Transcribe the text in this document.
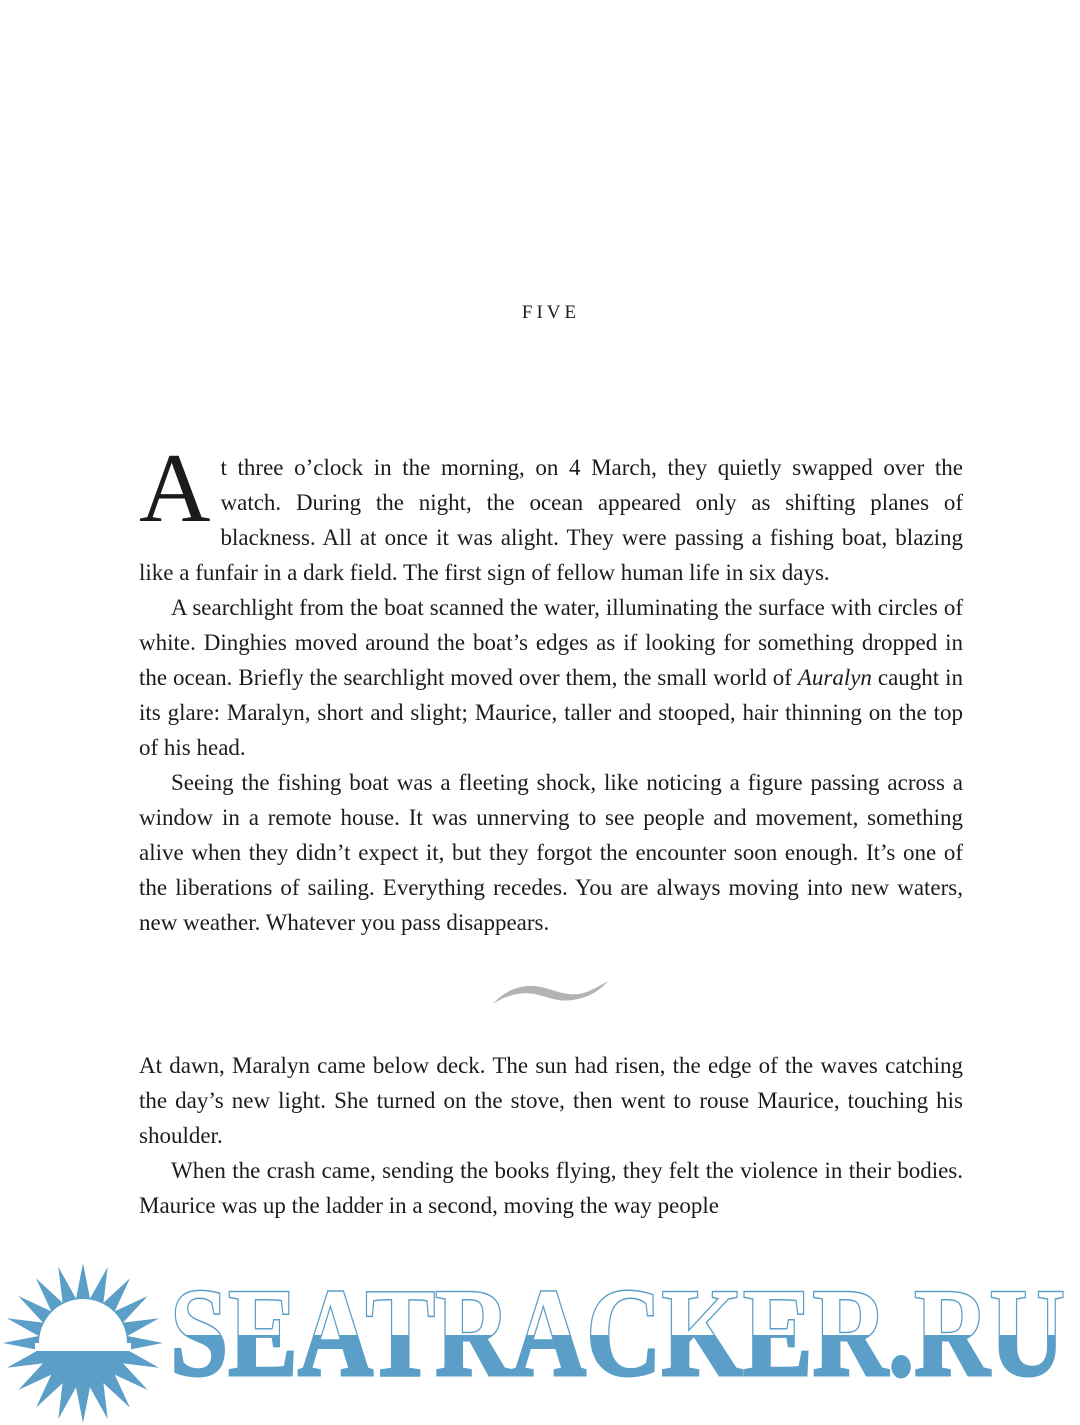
FIVE

At three o’clock in the morning, on 4 March, they quietly swapped over the watch. During the night, the ocean appeared only as shifting planes of blackness. All at once it was alight. They were passing a fishing boat, blazing like a funfair in a dark field. The first sign of fellow human life in six days.

A searchlight from the boat scanned the water, illuminating the surface with circles of white. Dinghies moved around the boat’s edges as if looking for something dropped in the ocean. Briefly the searchlight moved over them, the small world of Auralyn caught in its glare: Maralyn, short and slight; Maurice, taller and stooped, hair thinning on the top of his head.

Seeing the fishing boat was a fleeting shock, like noticing a figure passing across a window in a remote house. It was unnerving to see people and movement, something alive when they didn’t expect it, but they forgot the encounter soon enough. It’s one of the liberations of sailing. Everything recedes. You are always moving into new waters, new weather. Whatever you pass disappears.

At dawn, Maralyn came below deck. The sun had risen, the edge of the waves catching the day’s new light. She turned on the stove, then went to rouse Maurice, touching his shoulder.

When the crash came, sending the books flying, they felt the violence in their bodies. Maurice was up the ladder in a second, moving the way people

SEATRACKER.RU
